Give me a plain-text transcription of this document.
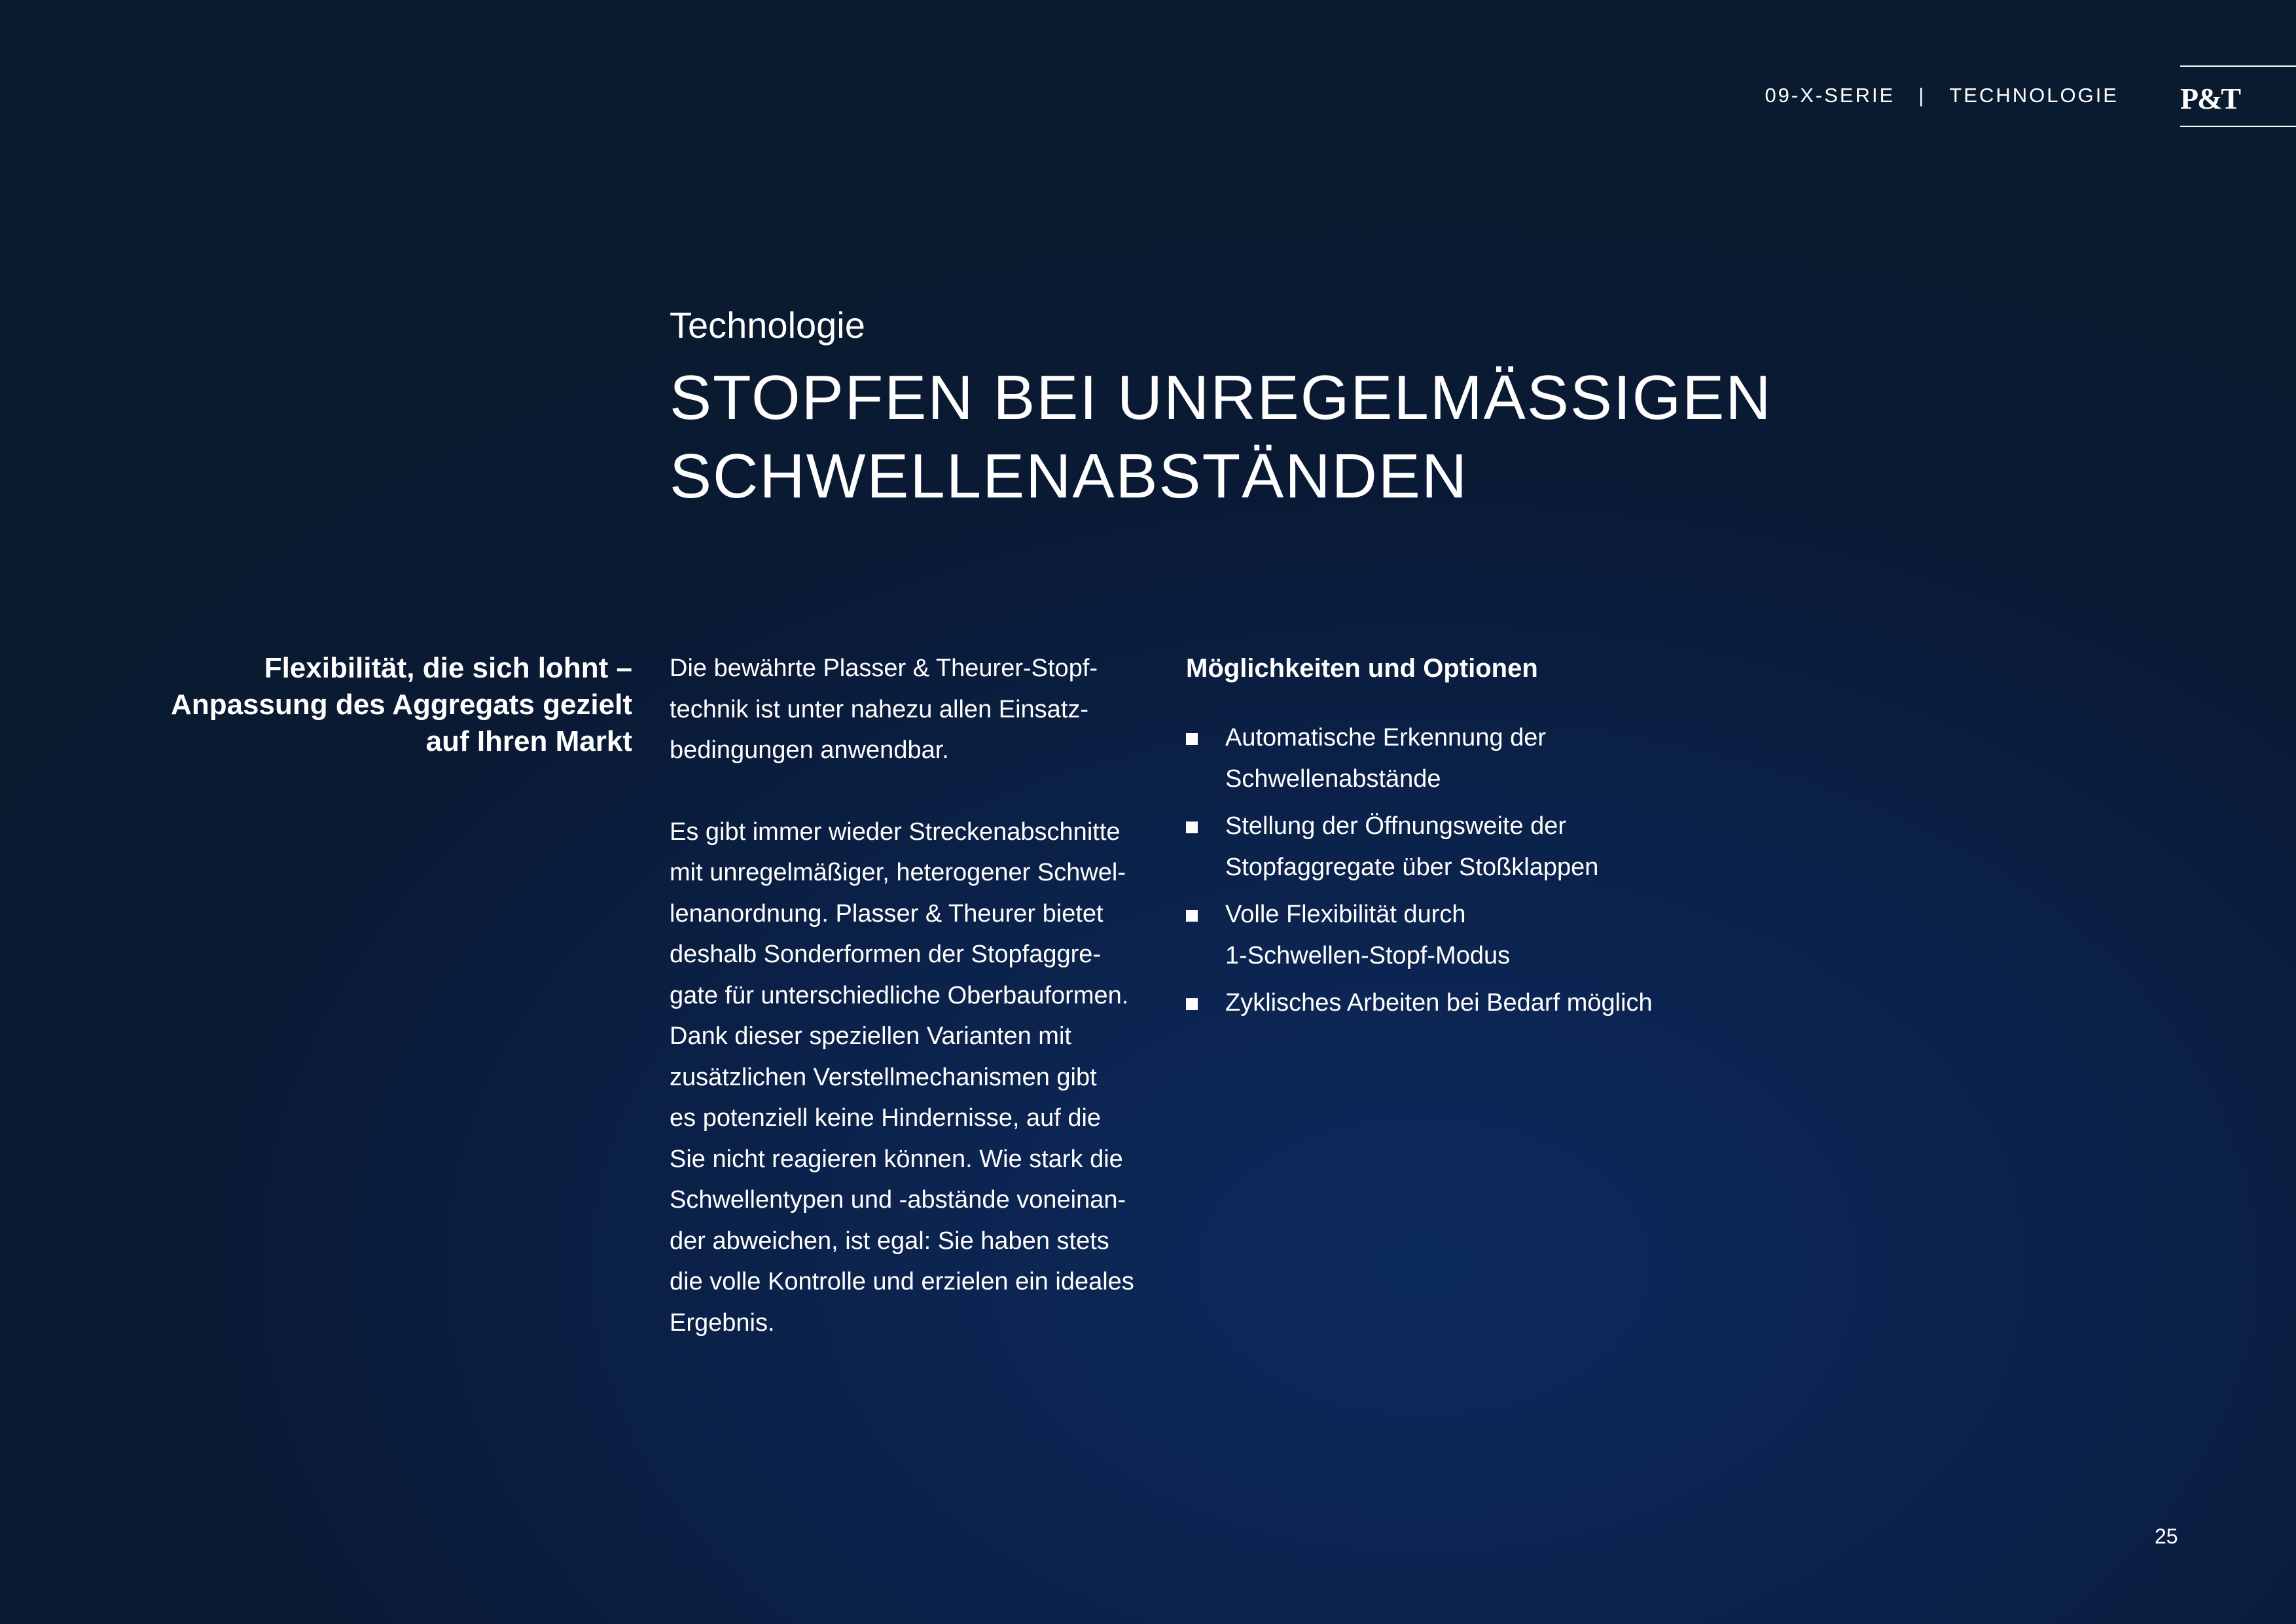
09-X-SERIE | TECHNOLOGIE P&T
Technologie
STOPFEN BEI UNREGELMÄSSIGEN
SCHWELLENABSTÄNDEN
Flexibilität, die sich lohnt –
Anpassung des Aggregats gezielt
auf Ihren Markt
Die bewährte Plasser & Theurer-Stopf-
technik ist unter nahezu allen Einsatz-
bedingungen anwendbar.
Es gibt immer wieder Streckenabschnitte
mit unregelmäßiger, heterogener Schwel-
lenanordnung. Plasser & Theurer bietet
deshalb Sonderformen der Stopfaggre-
gate für unterschiedliche Oberbauformen.
Dank dieser speziellen Varianten mit
zusätzlichen Verstellmechanismen gibt
es potenziell keine Hindernisse, auf die
Sie nicht reagieren können. Wie stark die
Schwellentypen und -abstände voneinan-
der abweichen, ist egal: Sie haben stets
die volle Kontrolle und erzielen ein ideales
Ergebnis.
Möglichkeiten und Optionen
Automatische Erkennung der
Schwellenabstände
Stellung der Öffnungsweite der
Stopfaggregate über Stoßklappen
Volle Flexibilität durch
1-Schwellen-Stopf-Modus
Zyklisches Arbeiten bei Bedarf möglich
25
